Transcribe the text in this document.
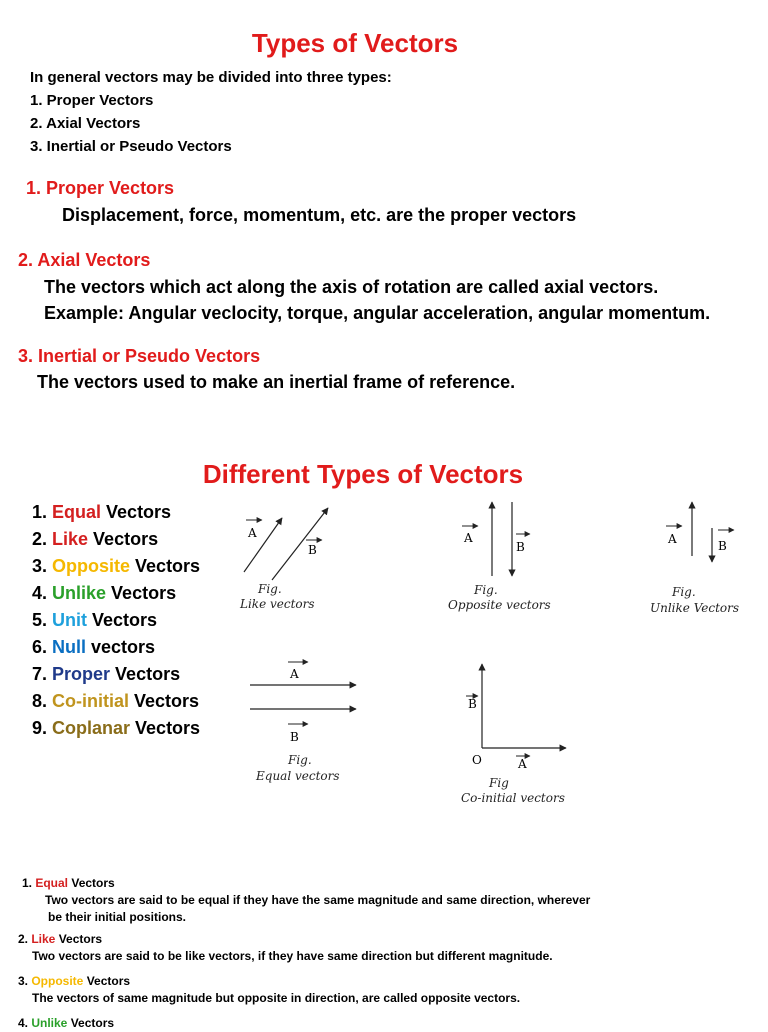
Types of Vectors
In general vectors may be divided into three types:
1. Proper Vectors
2. Axial Vectors
3. Inertial or Pseudo Vectors
1. Proper Vectors
Displacement, force, momentum, etc. are the proper vectors
2. Axial Vectors
The vectors which act along the axis of rotation are called axial vectors.
Example: Angular veclocity, torque, angular acceleration, angular momentum.
3. Inertial or Pseudo Vectors
The vectors used to make an inertial frame of reference.
Different Types of Vectors
1. Equal Vectors
2. Like Vectors
3. Opposite Vectors
4. Unlike Vectors
5. Unit Vectors
6. Null vectors
7. Proper Vectors
8. Co-initial Vectors
9. Coplanar Vectors
A
B
Fig.
Like vectors
A
B
Fig.
Opposite vectors
A	B
Fig.
Unlike Vectors
A
B
Fig.
Equal vectors
B
O	A
Fig
Co-initial vectors
1. Equal Vectors
Two vectors are said to be equal if they have the same magnitude and same direction, wherever
be their initial positions.
2. Like Vectors
Two vectors are said to be like vectors, if they have same direction but different magnitude.
3. Opposite Vectors
The vectors of same magnitude but opposite in direction, are called opposite vectors.
4. Unlike Vectors
